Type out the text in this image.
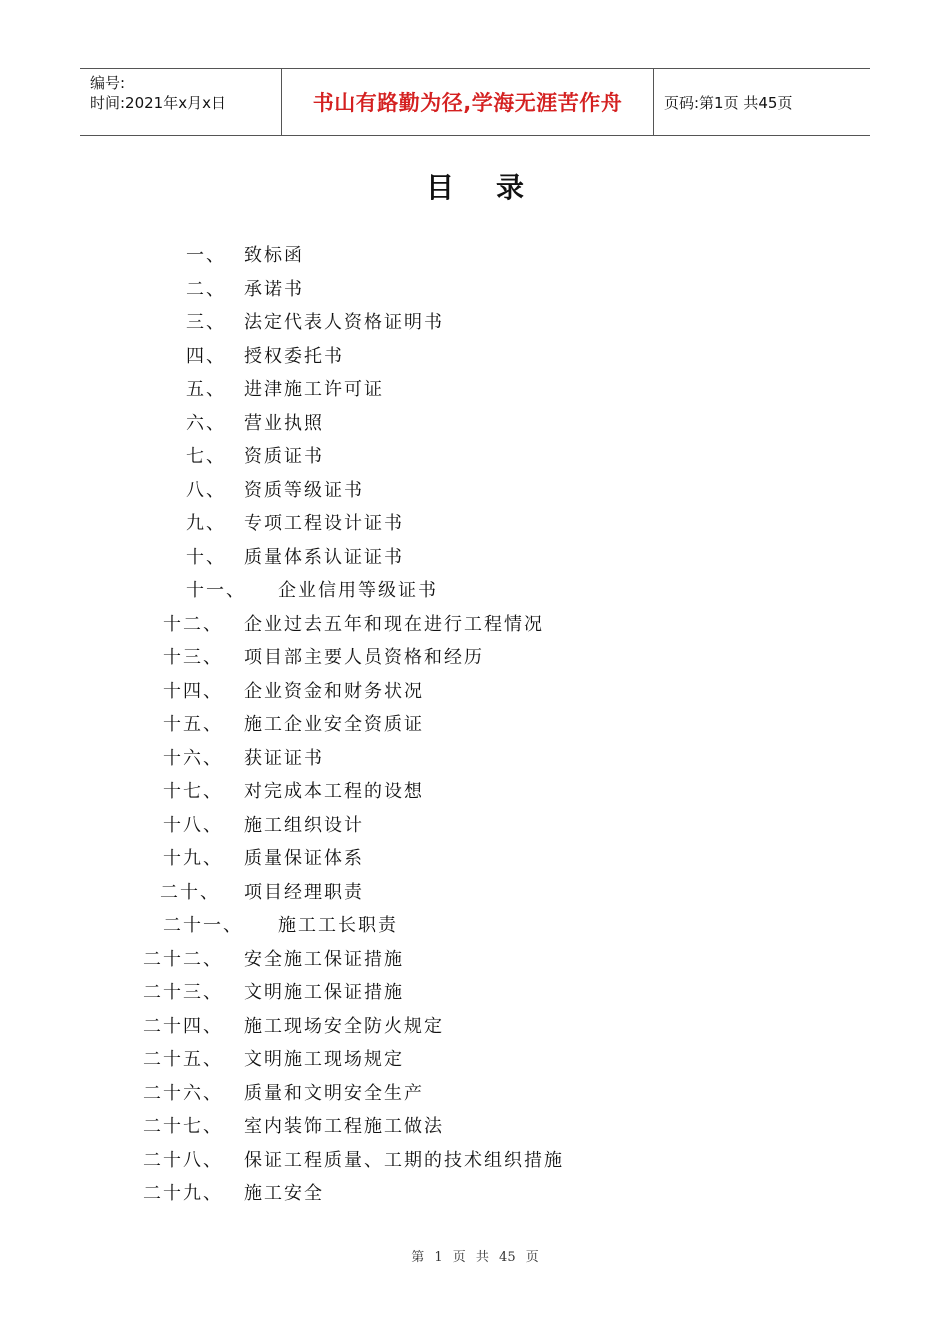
编号:
时间:2021年x月x日	书山有路勤为径,学海无涯苦作舟	页码:第1页 共45页
目录
一、 致标函
二、 承诺书
三、 法定代表人资格证明书
四、 授权委托书
五、 进津施工许可证
六、 营业执照
七、 资质证书
八、 资质等级证书
九、 专项工程设计证书
十、 质量体系认证证书
十一、 企业信用等级证书
十二、 企业过去五年和现在进行工程情况
十三、 项目部主要人员资格和经历
十四、 企业资金和财务状况
十五、 施工企业安全资质证
十六、 获证证书
十七、 对完成本工程的设想
十八、 施工组织设计
十九、 质量保证体系
二十、 项目经理职责
二十一、 施工工长职责
二十二、 安全施工保证措施
二十三、 文明施工保证措施
二十四、 施工现场安全防火规定
二十五、 文明施工现场规定
二十六、 质量和文明安全生产
二十七、 室内装饰工程施工做法
二十八、 保证工程质量、工期的技术组织措施
二十九、 施工安全
第 1 页 共 45 页
